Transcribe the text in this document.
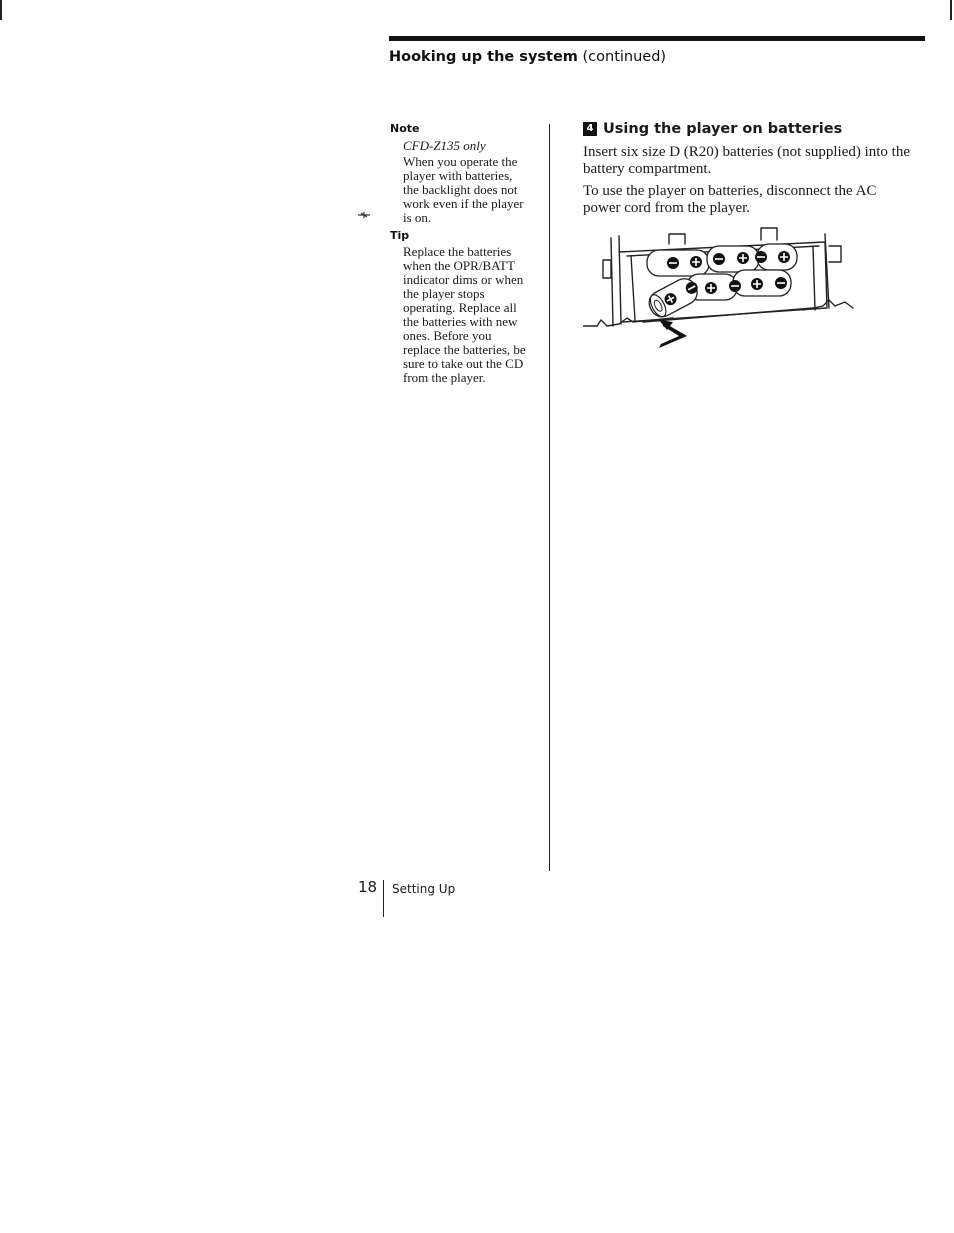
Hooking up the system (continued)
Note
CFD-Z135 only
When you operate the
player with batteries,
the backlight does not
work even if the player
is on.
Tip
Replace the batteries
when the OPR/BATT
indicator dims or when
the player stops
operating. Replace all
the batteries with new
ones. Before you
replace the batteries, be
sure to take out the CD
from the player.
4 Using the player on batteries
Insert six size D (R20) batteries (not supplied) into the
battery compartment.
To use the player on batteries, disconnect the AC
power cord from the player.
18 Setting Up
